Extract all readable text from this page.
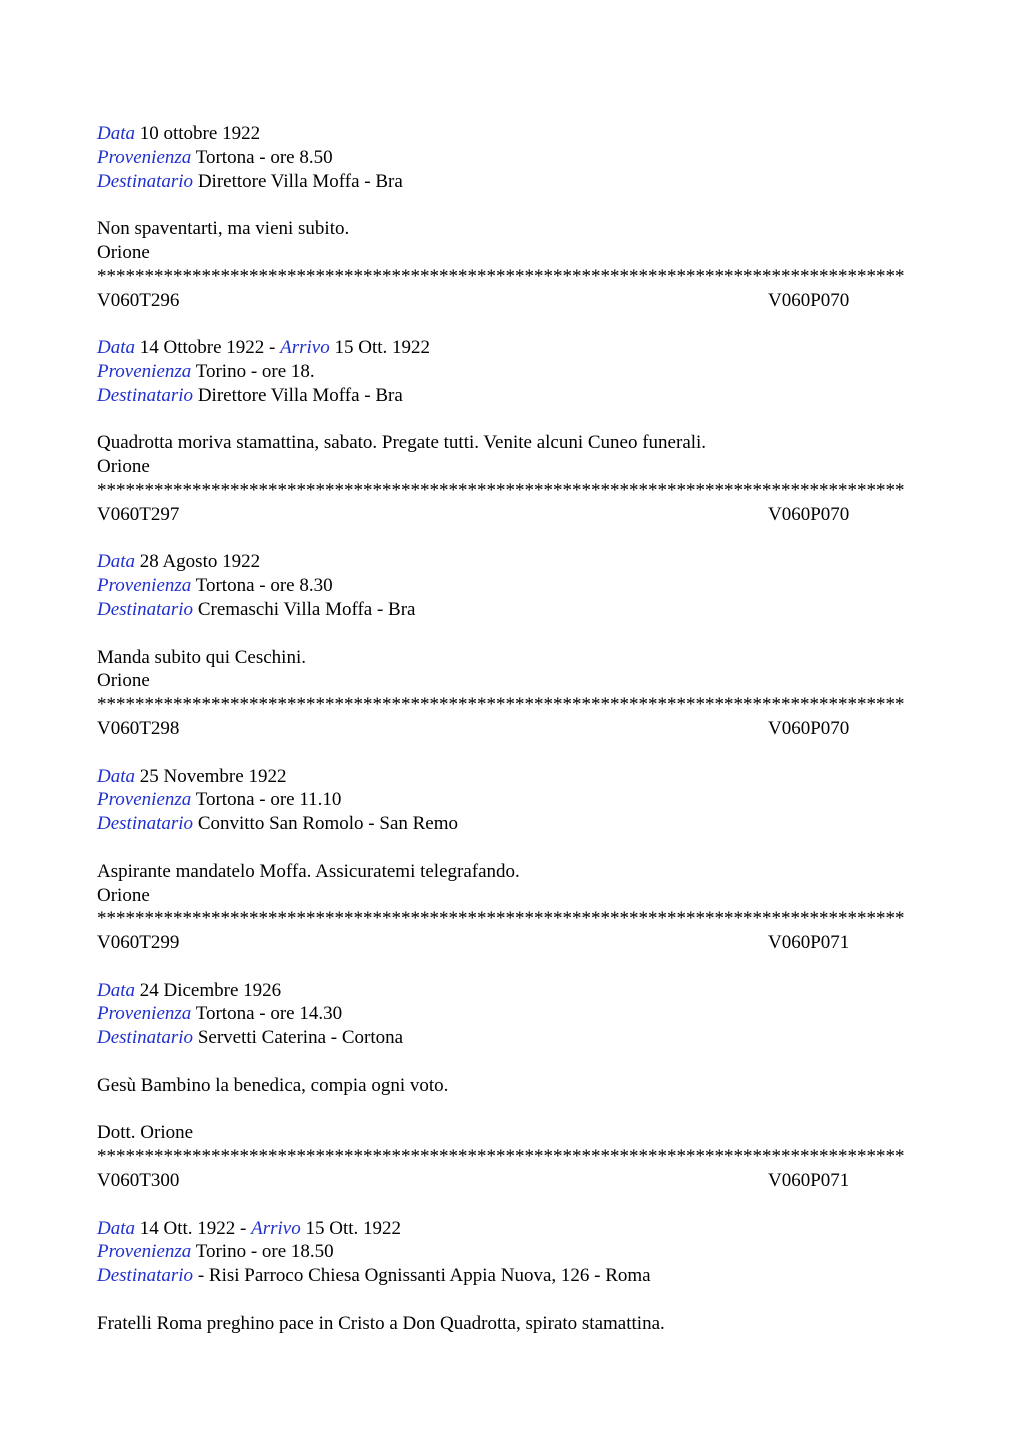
Data 10 ottobre 1922
Provenienza Tortona - ore 8.50
Destinatario Direttore Villa Moffa - Bra
Non spaventarti, ma vieni subito.
Orione
*************************************************************************************
V060T296	V060P070
Data 14 Ottobre 1922 - Arrivo 15 Ott. 1922
Provenienza Torino - ore 18.
Destinatario Direttore Villa Moffa - Bra
Quadrotta moriva stamattina, sabato. Pregate tutti. Venite alcuni Cuneo funerali.
Orione
*************************************************************************************
V060T297	V060P070
Data 28 Agosto 1922
Provenienza Tortona - ore 8.30
Destinatario Cremaschi Villa Moffa - Bra
Manda subito qui Ceschini.
Orione
*************************************************************************************
V060T298	V060P070
Data 25 Novembre 1922
Provenienza Tortona - ore 11.10
Destinatario Convitto San Romolo - San Remo
Aspirante mandatelo Moffa. Assicuratemi telegrafando.
Orione
*************************************************************************************
V060T299	V060P071
Data 24 Dicembre 1926
Provenienza Tortona - ore 14.30
Destinatario Servetti Caterina - Cortona
Gesù Bambino la benedica, compia ogni voto.
Dott. Orione
*************************************************************************************
V060T300	V060P071
Data 14 Ott. 1922 - Arrivo 15 Ott. 1922
Provenienza Torino - ore 18.50
Destinatario - Risi Parroco Chiesa Ognissanti Appia Nuova, 126 - Roma
Fratelli Roma preghino pace in Cristo a Don Quadrotta, spirato stamattina.
